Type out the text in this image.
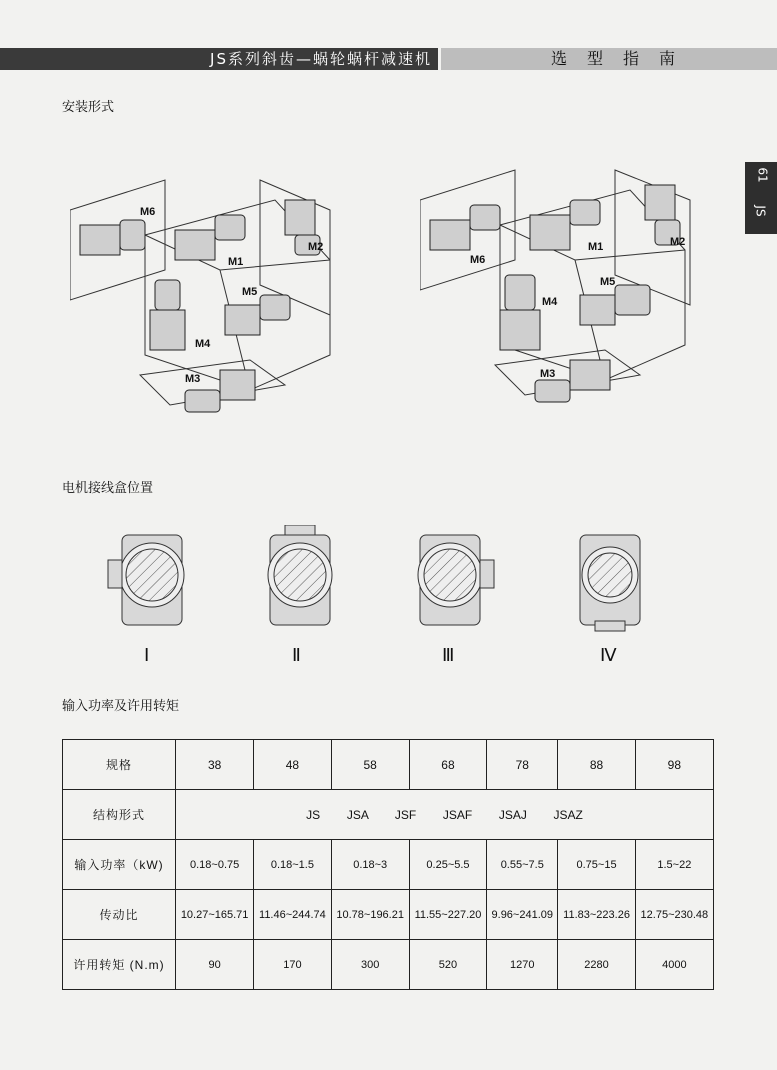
JS系列斜齿—蜗轮蜗杆减速机	选型指南
61
JS
安装形式
M6
M1
M2
M5
M4
M3
M6
M1	M2
M5
M4
M3
电机接线盒位置
Ⅰ	Ⅱ	Ⅲ	Ⅳ
输入功率及许用转矩
规格	38	48	58	68	78	88	98
结构形式	JS     JSA     JSF     JSAF     JSAJ     JSAZ						
输入功率（kW)	0.18~0.75	0.18~1.5	0.18~3	0.25~5.5	0.55~7.5	0.75~15	1.5~22
传动比	10.27~165.71	11.46~244.74	10.78~196.21	11.55~227.20	9.96~241.09	11.83~223.26	12.75~230.48
许用转矩 (N.m)	90	170	300	520	1270	2280	4000
